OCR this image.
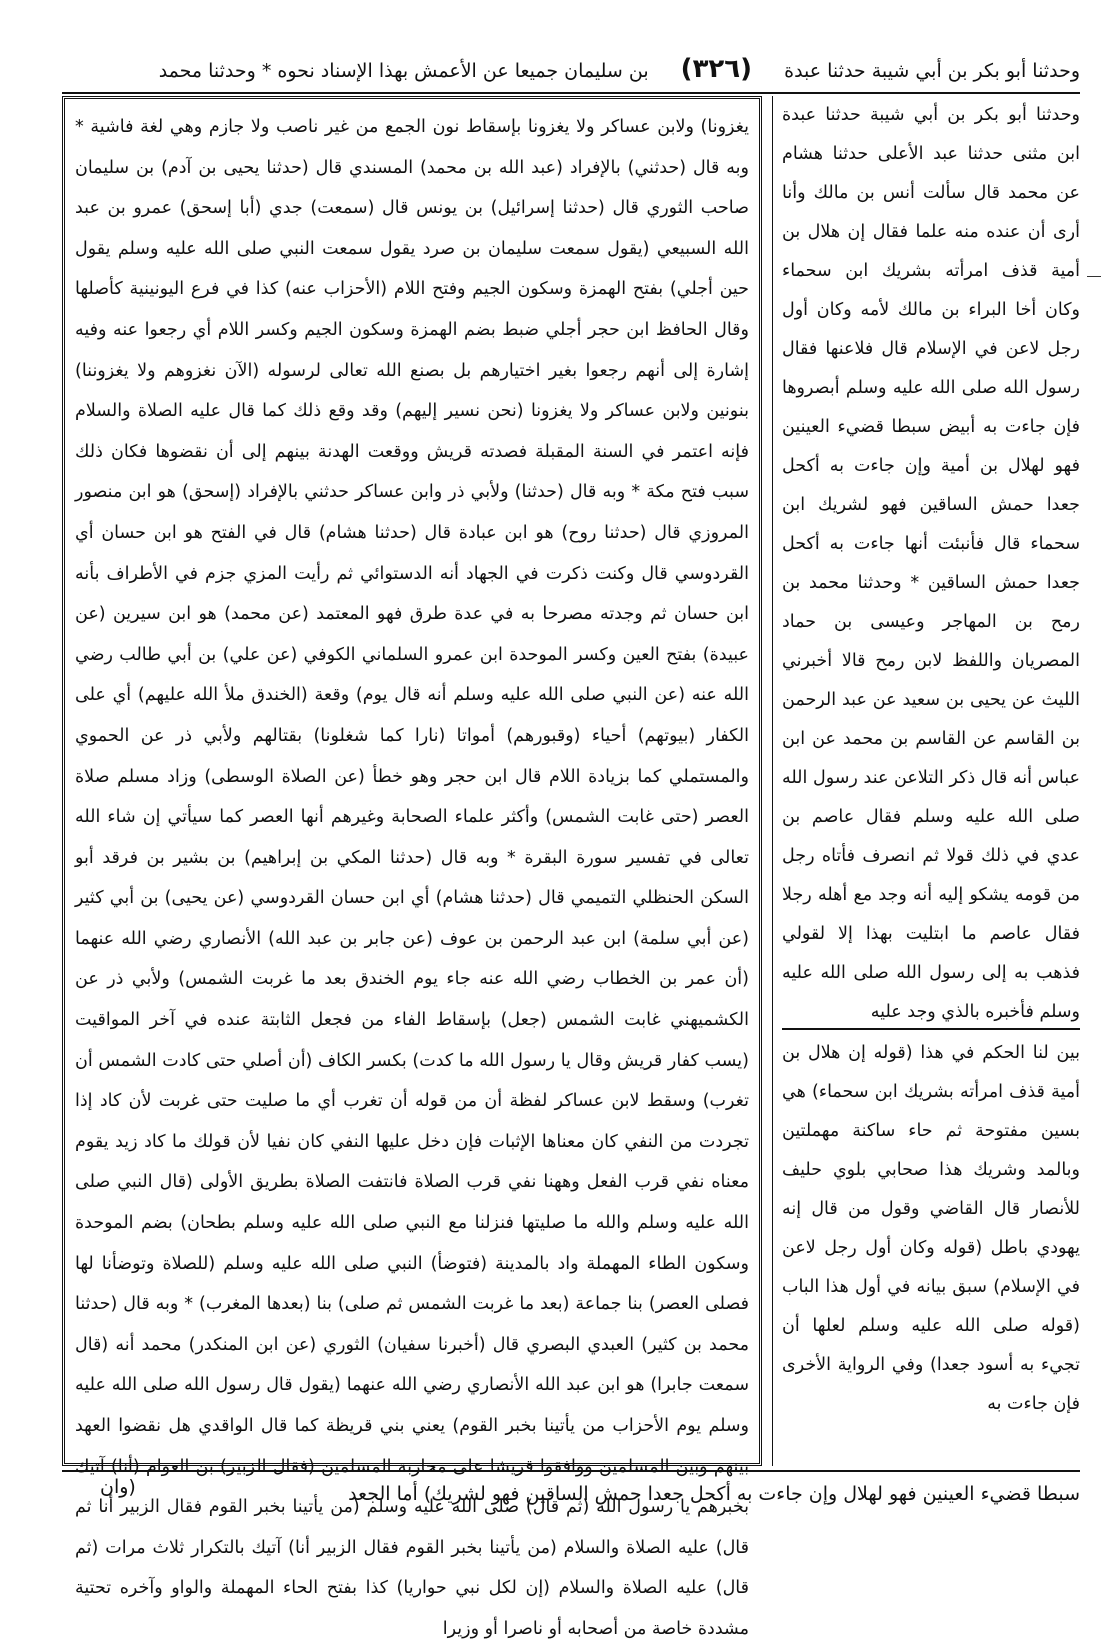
وحدثنا أبو بكر بن أبي شيبة حدثنا عبدة (٣٢٦) بن سليمان جميعا عن الأعمش بهذا الإسناد نحوه * وحدثنا محمد

يغزونا) ولابن عساكر ولا يغزونا بإسقاط نون الجمع من غير ناصب ولا جازم وهي لغة فاشية * وبه قال (حدثني) بالإفراد (عبد الله بن محمد) المسندي قال (حدثنا يحيى بن آدم) بن سليمان صاحب الثوري قال (حدثنا إسرائيل) بن يونس قال (سمعت) جدي (أبا إسحق) عمرو بن عبد الله السبيعي (يقول سمعت سليمان بن صرد يقول سمعت النبي صلى الله عليه وسلم يقول حين أجلي) بفتح الهمزة وسكون الجيم وفتح اللام (الأحزاب عنه) كذا في فرع اليونينية كأصلها وقال الحافظ ابن حجر أجلي ضبط بضم الهمزة وسكون الجيم وكسر اللام أي رجعوا عنه وفيه إشارة إلى أنهم رجعوا بغير اختيارهم بل بصنع الله تعالى لرسوله (الآن نغزوهم ولا يغزوننا) بنونين ولابن عساكر ولا يغزونا (نحن نسير إليهم) وقد وقع ذلك كما قال عليه الصلاة والسلام فإنه اعتمر في السنة المقبلة فصدته قريش ووقعت الهدنة بينهم إلى أن نقضوها فكان ذلك سبب فتح مكة * وبه قال (حدثنا) ولأبي ذر وابن عساكر حدثني بالإفراد (إسحق) هو ابن منصور المروزي قال (حدثنا روح) هو ابن عبادة قال (حدثنا هشام) قال في الفتح هو ابن حسان أي القردوسي قال وكنت ذكرت في الجهاد أنه الدستوائي ثم رأيت المزي جزم في الأطراف بأنه ابن حسان ثم وجدته مصرحا به في عدة طرق فهو المعتمد (عن محمد) هو ابن سيرين (عن عبيدة) بفتح العين وكسر الموحدة ابن عمرو السلماني الكوفي (عن علي) بن أبي طالب رضي الله عنه (عن النبي صلى الله عليه وسلم أنه قال يوم) وقعة (الخندق ملأ الله عليهم) أي على الكفار (بيوتهم) أحياء (وقبورهم) أمواتا (نارا كما شغلونا) بقتالهم ولأبي ذر عن الحموي والمستملي كما بزيادة اللام قال ابن حجر وهو خطأ (عن الصلاة الوسطى) وزاد مسلم صلاة العصر (حتى غابت الشمس) وأكثر علماء الصحابة وغيرهم أنها العصر كما سيأتي إن شاء الله تعالى في تفسير سورة البقرة * وبه قال (حدثنا المكي بن إبراهيم) بن بشير بن فرقد أبو السكن الحنظلي التميمي قال (حدثنا هشام) أي ابن حسان القردوسي (عن يحيى) بن أبي كثير (عن أبي سلمة) ابن عبد الرحمن بن عوف (عن جابر بن عبد الله) الأنصاري رضي الله عنهما (أن عمر بن الخطاب رضي الله عنه جاء يوم الخندق بعد ما غربت الشمس) ولأبي ذر عن الكشميهني غابت الشمس (جعل) بإسقاط الفاء من فجعل الثابتة عنده في آخر المواقيت (يسب كفار قريش وقال يا رسول الله ما كدت) بكسر الكاف (أن أصلي حتى كادت الشمس أن تغرب) وسقط لابن عساكر لفظة أن من قوله أن تغرب أي ما صليت حتى غربت لأن كاد إذا تجردت من النفي كان معناها الإثبات فإن دخل عليها النفي كان نفيا لأن قولك ما كاد زيد يقوم معناه نفي قرب الفعل وههنا نفي قرب الصلاة فانتفت الصلاة بطريق الأولى (قال النبي صلى الله عليه وسلم والله ما صليتها فنزلنا مع النبي صلى الله عليه وسلم بطحان) بضم الموحدة وسكون الطاء المهملة واد بالمدينة (فتوضأ) النبي صلى الله عليه وسلم (للصلاة وتوضأنا لها فصلى العصر) بنا جماعة (بعد ما غربت الشمس ثم صلى) بنا (بعدها المغرب) * وبه قال (حدثنا محمد بن كثير) العبدي البصري قال (أخبرنا سفيان) الثوري (عن ابن المنكدر) محمد أنه (قال سمعت جابرا) هو ابن عبد الله الأنصاري رضي الله عنهما (يقول قال رسول الله صلى الله عليه وسلم يوم الأحزاب من يأتينا بخبر القوم) يعني بني قريظة كما قال الواقدي هل نقضوا العهد بينهم وبين المسلمين ووافقوا قريشا على محاربة المسلمين (فقال الزبير) بن العوام (أنا) آتيك بخبرهم يا رسول الله (ثم قال) صلى الله عليه وسلم (من يأتينا بخبر القوم فقال الزبير أنا ثم قال) عليه الصلاة والسلام (من يأتينا بخبر القوم فقال الزبير أنا) آتيك بالتكرار ثلاث مرات (ثم قال) عليه الصلاة والسلام (إن لكل نبي حواريا) كذا بفتح الحاء المهملة والواو وآخره تحتية مشددة خاصة من أصحابه أو ناصرا أو وزيرا

وحدثنا أبو بكر بن أبي شيبة حدثنا عبدة ابن مثنى حدثنا عبد الأعلى حدثنا هشام عن محمد قال سألت أنس بن مالك وأنا أرى أن عنده منه علما فقال إن هلال بن أمية قذف امرأته بشريك ابن سحماء وكان أخا البراء بن مالك لأمه وكان أول رجل لاعن في الإسلام قال فلاعنها فقال رسول الله صلى الله عليه وسلم أبصروها فإن جاءت به أبيض سبطا قضيء العينين فهو لهلال بن أمية وإن جاءت به أكحل جعدا حمش الساقين فهو لشريك ابن سحماء قال فأنبئت أنها جاءت به أكحل جعدا حمش الساقين * وحدثنا محمد بن رمح بن المهاجر وعيسى بن حماد المصريان واللفظ لابن رمح قالا أخبرني الليث عن يحيى بن سعيد عن عبد الرحمن بن القاسم عن القاسم بن محمد عن ابن عباس أنه قال ذكر التلاعن عند رسول الله صلى الله عليه وسلم فقال عاصم بن عدي في ذلك قولا ثم انصرف فأتاه رجل من قومه يشكو إليه أنه وجد مع أهله رجلا فقال عاصم ما ابتليت بهذا إلا لقولي فذهب به إلى رسول الله صلى الله عليه وسلم فأخبره بالذي وجد عليه
بين لنا الحكم في هذا (قوله إن هلال بن أمية قذف امرأته بشريك ابن سحماء) هي بسين مفتوحة ثم حاء ساكنة مهملتين وبالمد وشريك هذا صحابي بلوي حليف للأنصار قال القاضي وقول من قال إنه يهودي باطل (قوله وكان أول رجل لاعن في الإسلام) سبق بيانه في أول هذا الباب (قوله صلى الله عليه وسلم لعلها أن تجيء به أسود جعدا) وفي الرواية الأخرى فإن جاءت به
سبطا قضيء العينين فهو لهلال وإن جاءت به أكحل جعدا حمش الساقين فهو لشريك) أما الجعد
(وان
